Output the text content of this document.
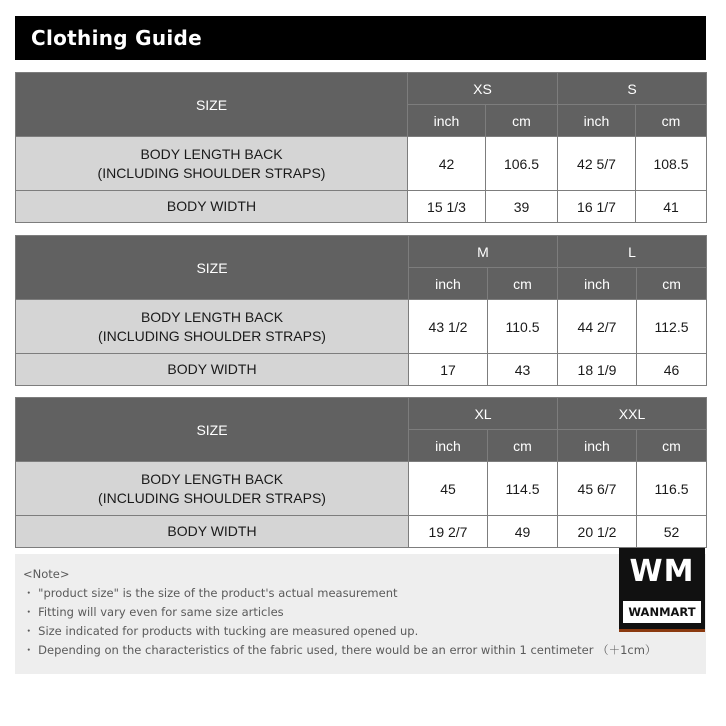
Clothing Guide
SIZE	XS		S	
	inch	cm	inch	cm

BODY LENGTH BACK
(INCLUDING SHOULDER STRAPS)	42	106.5	42 5/7	108.5
BODY WIDTH	15 1/3	39	16 1/7	41
SIZE	M		L	
	inch	cm	inch	cm

BODY LENGTH BACK
(INCLUDING SHOULDER STRAPS)	43 1/2	110.5	44 2/7	112.5
BODY WIDTH	17	43	18 1/9	46
SIZE	XL		XXL	
	inch	cm	inch	cm

BODY LENGTH BACK
(INCLUDING SHOULDER STRAPS)	45	114.5	45 6/7	116.5
BODY WIDTH	19 2/7	49	20 1/2	52
<Note>
・ "product size" is the size of the product's actual measurement
・ Fitting will vary even for same size articles
・ Size indicated for products with tucking are measured opened up.
・ Depending on the characteristics of the fabric used, there would be an error within 1 centimeter （＋1cm）
WM
WANMART
